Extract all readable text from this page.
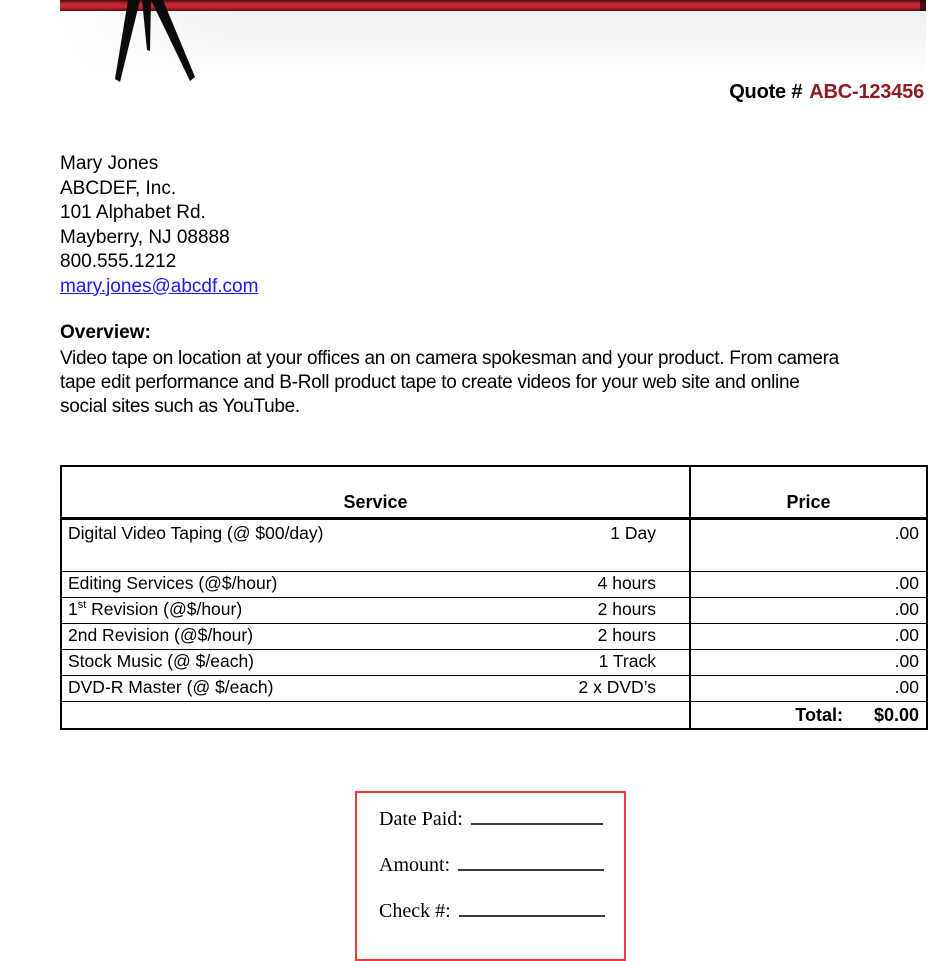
Quote # ABC-123456
Mary Jones
ABCDEF, Inc.
101 Alphabet Rd.
Mayberry, NJ 08888
800.555.1212
mary.jones@abcdf.com
Overview:
Video tape on location at your offices an on camera spokesman and your product. From camera
tape edit performance and B-Roll product tape to create videos for your web site and online
social sites such as YouTube.
Service	Price

Digital Video Taping (@ $00/day) 1 Day	.00

Editing Services (@$/hour) 4 hours	.00

1st Revision (@$/hour) 2 hours	.00

2nd Revision (@$/hour) 2 hours	.00

Stock Music (@ $/each) 1 Track	.00

DVD-R Master (@ $/each) 2 x DVD’s	.00
	Total: $0.00
Date Paid:
Amount:
Check #:
